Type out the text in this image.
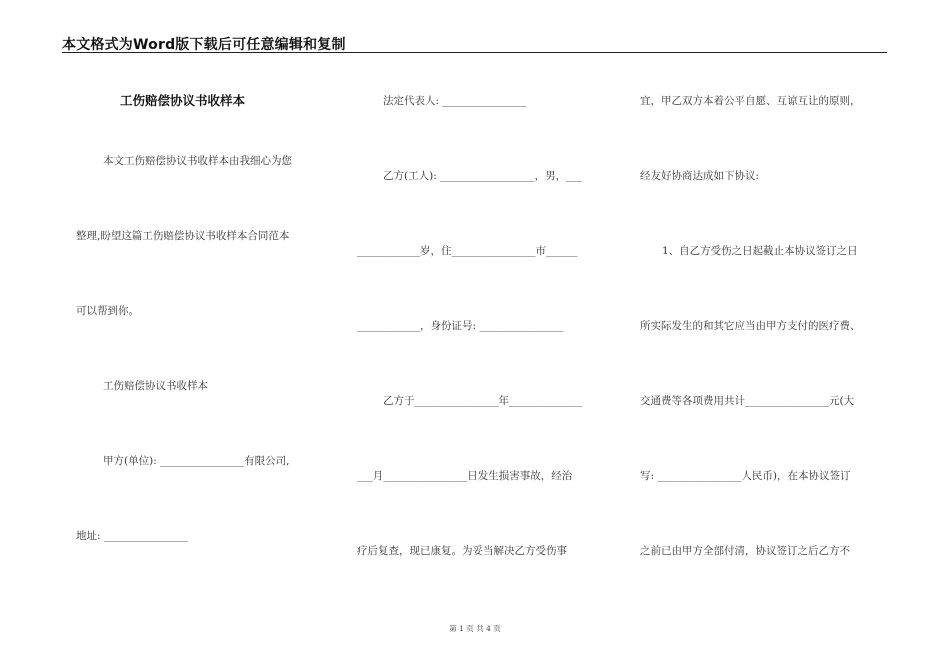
本文格式为Word版下载后可任意编辑和复制
工伤赔偿协议书收样本
本文工伤赔偿协议书收样本由我细心为您
整理,盼望这篇工伤赔偿协议书收样本合同范本
可以帮到你。
工伤赔偿协议书收样本
甲方(单位): ________________有限公司,
地址: ________________
法定代表人: ________________
乙方(工人): __________________，男，___
____________岁，住________________市______
____________，身份证号: ________________
乙方于________________年______________
___月________________日发生损害事故，经治
疗后复查，现已康复。为妥当解决乙方受伤事
宜，甲乙双方本着公平自愿、互谅互让的原则，
经友好协商达成如下协议:
1、自乙方受伤之日起截止本协议签订之日
所实际发生的和其它应当由甲方支付的医疗费、
交通费等各项费用共计________________元(大
写: ________________人民币)，在本协议签订
之前已由甲方全部付清，协议签订之后乙方不
第 1 页 共 4 页
